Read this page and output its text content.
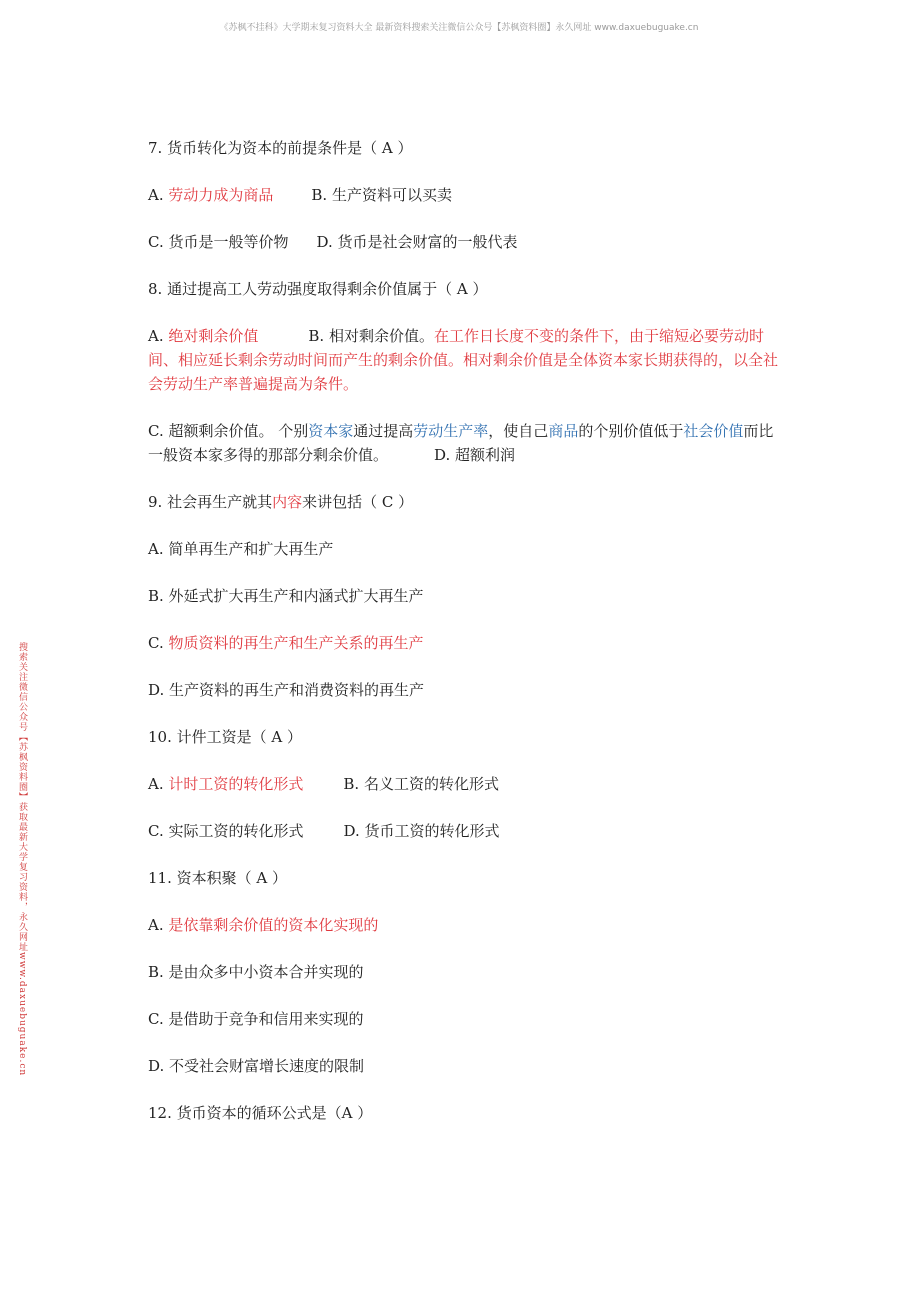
《苏枫不挂科》大学期末复习资料大全 最新资料搜索关注微信公众号【苏枫资料圈】永久网址 www.daxuebuguake.cn
搜索关注微信公众号【苏枫资料圈】获取最新大学复习资料，永久网址www.daxuebuguake.cn
7. 货币转化为资本的前提条件是（ A ）
A. 劳动力成为商品	B. 生产资料可以买卖
C. 货币是一般等价物 D. 货币是社会财富的一般代表
8. 通过提高工人劳动强度取得剩余价值属于（ A ）
A. 绝对剩余价值	B. 相对剩余价值。在工作日长度不变的条件下，由于缩短必要劳动时间、相应延长剩余劳动时间而产生的剩余价值。相对剩余价值是全体资本家长期获得的，以全社会劳动生产率普遍提高为条件。
C. 超额剩余价值。 个别资本家通过提高劳动生产率，使自己商品的个别价值低于社会价值而比一般资本家多得的那部分剩余价值。	D. 超额利润
9. 社会再生产就其内容来讲包括（ C ）
A. 简单再生产和扩大再生产
B. 外延式扩大再生产和内涵式扩大再生产
C. 物质资料的再生产和生产关系的再生产
D. 生产资料的再生产和消费资料的再生产
10. 计件工资是（ A ）
A. 计时工资的转化形式	B. 名义工资的转化形式
C. 实际工资的转化形式	D. 货币工资的转化形式
11. 资本积聚（ A ）
A. 是依靠剩余价值的资本化实现的
B. 是由众多中小资本合并实现的
C. 是借助于竞争和信用来实现的
D. 不受社会财富增长速度的限制
12. 货币资本的循环公式是（A ）
